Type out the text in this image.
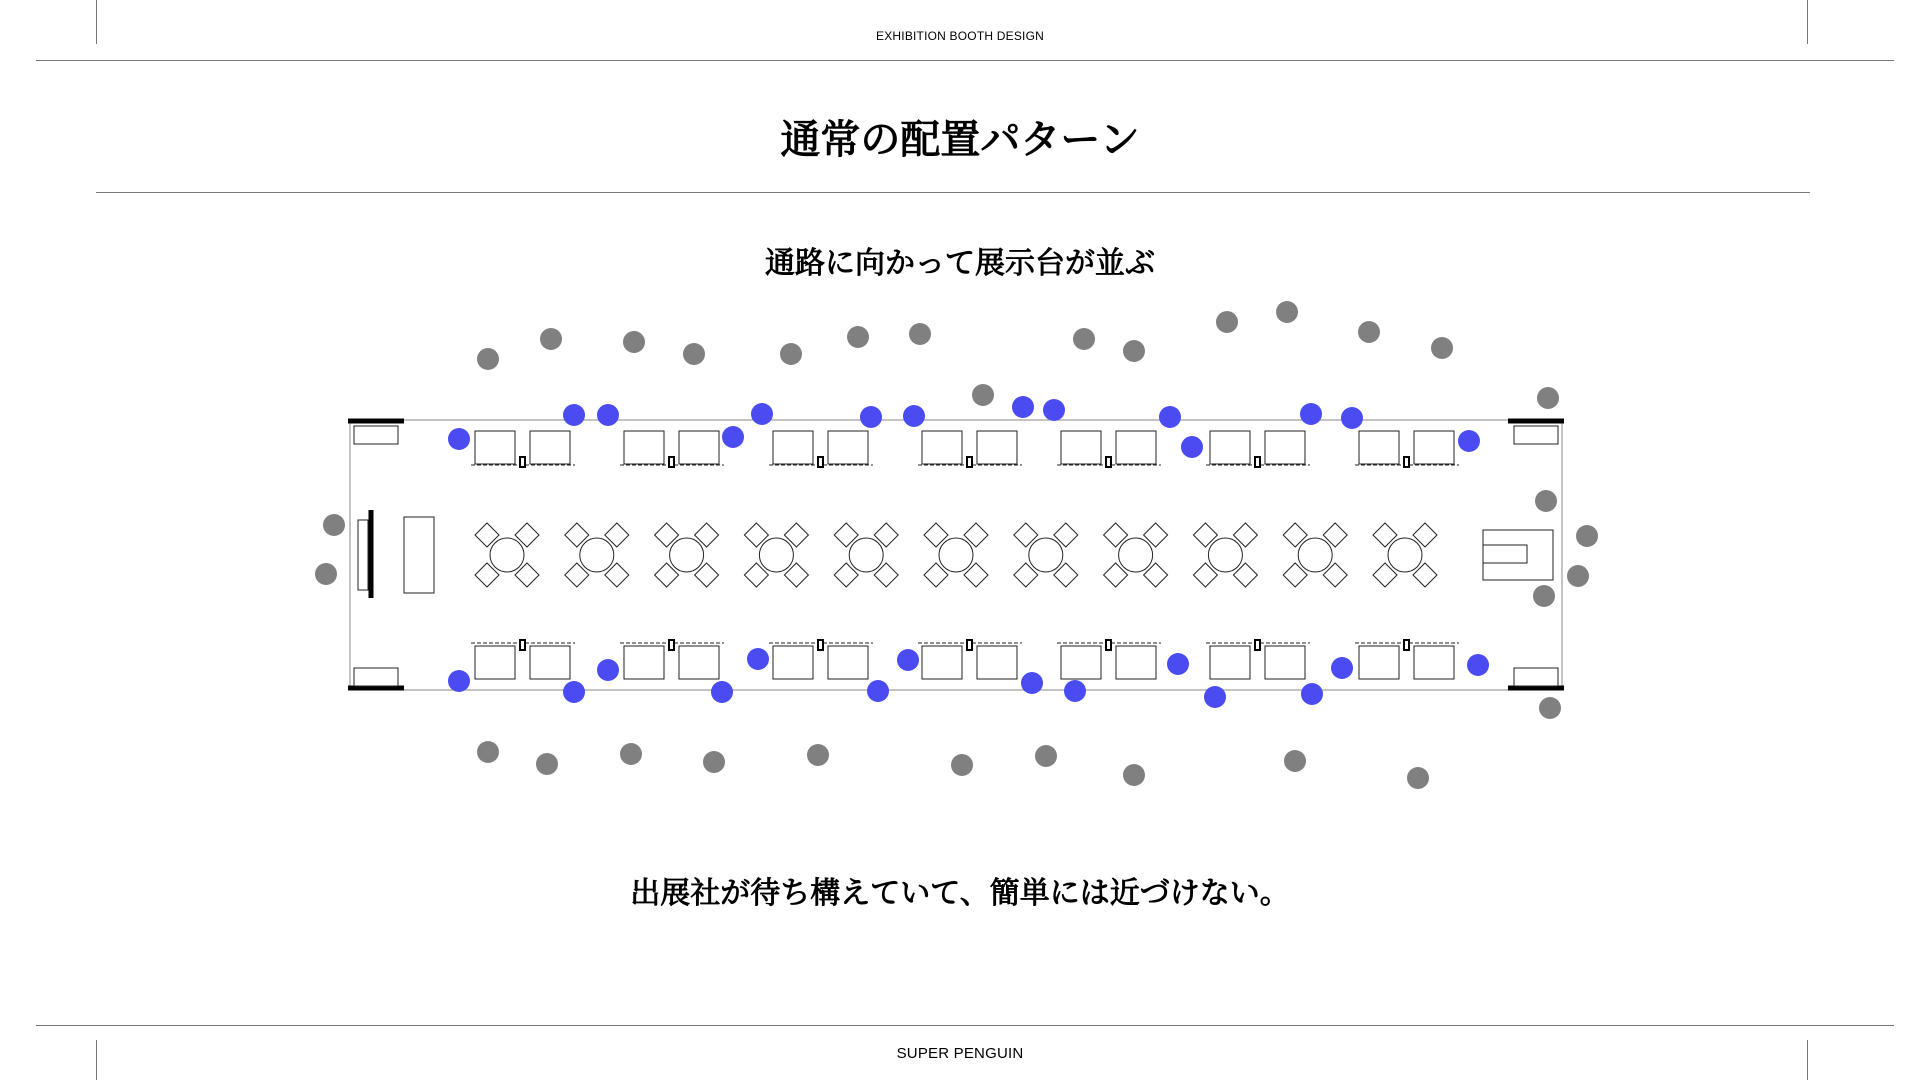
EXHIBITION BOOTH DESIGN
通常の配置パターン
通路に向かって展示台が並ぶ
出展社が待ち構えていて、簡単には近づけない。
SUPER PENGUIN
